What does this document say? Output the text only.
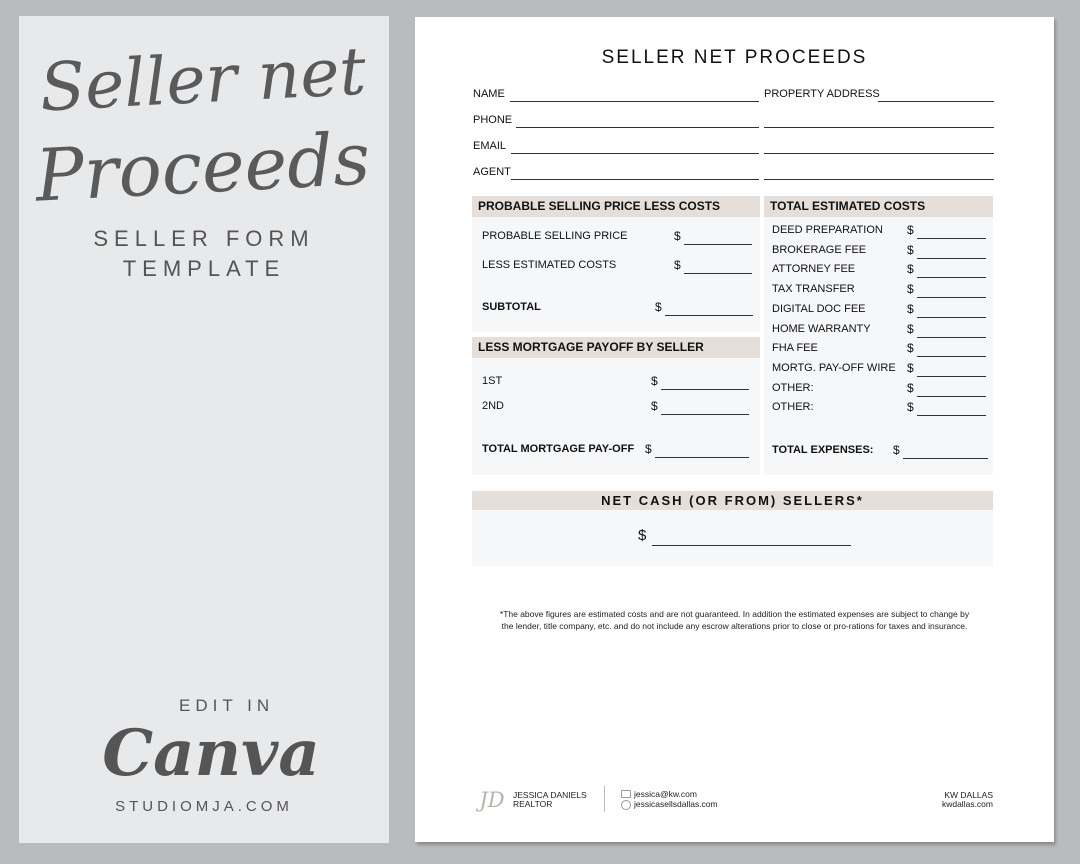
Seller net
Proceeds
SELLER FORM
TEMPLATE
EDIT IN
Canva
STUDIOMJA.COM
SELLER NET PROCEEDS
NAME	PROPERTY ADDRESS
PHONE
EMAIL
AGENT
PROBABLE SELLING PRICE LESS COSTS
PROBABLE SELLING PRICE	$
LESS ESTIMATED COSTS	$
SUBTOTAL	$
LESS MORTGAGE PAYOFF BY SELLER
1ST	$
2ND	$
TOTAL MORTGAGE PAY-OFF $
TOTAL ESTIMATED COSTS
DEED PREPARATION $
BROKERAGE FEE	$
ATTORNEY FEE	$
TAX TRANSFER	$
DIGITAL DOC FEE	$
HOME WARRANTY	$
FHA FEE	$
MORTG. PAY-OFF WIRE $
OTHER:	$
OTHER:	$
TOTAL EXPENSES: $
NET CASH (OR FROM) SELLERS*
$
*The above figures are estimated costs and are not guaranteed. In addition the estimated expenses are subject to change by the lender, title company, etc. and do not include any escrow alterations prior to close or pro-rations for taxes and insurance.
JD JESSICA DANIELS
REALTOR
jessica@kw.com
jessicasellsdallas.com
KW DALLAS
kwdallas.com
